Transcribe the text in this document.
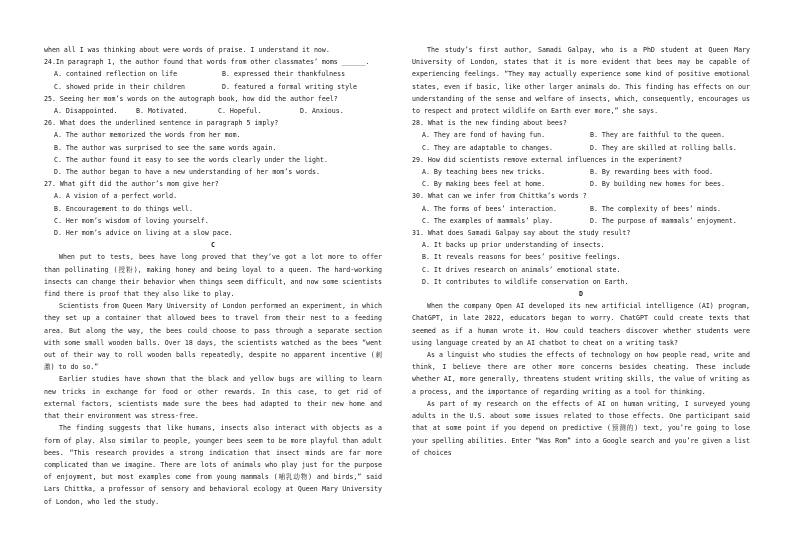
when all I was thinking about were words of praise. I understand it now.

24.In paragraph 1, the author found that words from other classmates’ moms ______.

A. contained reflection on life	B. expressed their thankfulness
C. showed pride in their children	D. featured a formal writing style

25. Seeing her mom’s words on the autograph book, how did the author feel?

A. Disappointed.	B. Motivated.	C. Hopeful.	D. Anxious.

26. What does the underlined sentence in paragraph 5 imply?

A. The author memorized the words from her mom.

B. The author was surprised to see the same words again.

C. The author found it easy to see the words clearly under the light.

D. The author began to have a new understanding of her mom’s words.

27. What gift did the author’s mom give her?

A. A vision of a perfect world.

B. Encouragement to do things well.

C. Her mom’s wisdom of loving yourself.

D. Her mom’s advice on living at a slow pace.

C

When put to tests, bees have long proved that they’ve got a lot more to offer than pollinating (授粉), making honey and being loyal to a queen. The hard-working insects can change their behavior when things seem difficult, and now some scientists find there is proof that they also like to play.

Scientists from Queen Mary University of London performed an experiment, in which they set up a container that allowed bees to travel from their nest to a feeding area. But along the way, the bees could choose to pass through a separate section with some small wooden balls. Over 18 days, the scientists watched as the bees “went out of their way to roll wooden balls repeatedly, despite no apparent incentive (刺激) to do so.”

Earlier studies have shown that the black and yellow bugs are willing to learn new tricks in exchange for food or other rewards. In this case, to get rid of external factors, scientists made sure the bees had adapted to their new home and that their environment was stress-free.

The finding suggests that like humans, insects also interact with objects as a form of play. Also similar to people, younger bees seem to be more playful than adult bees. “This research provides a strong indication that insect minds are far more complicated than we imagine. There are lots of animals who play just for the purpose of enjoyment, but most examples come from young mammals (哺乳动物) and birds,” said Lars Chittka, a professor of sensory and behavioral ecology at Queen Mary University of London, who led the study.

The study’s first author, Samadi Galpay, who is a PhD student at Queen Mary University of London, states that it is more evident that bees may be capable of experiencing feelings. “They may actually experience some kind of positive emotional states, even if basic, like other larger animals do. This finding has effects on our understanding of the sense and welfare of insects, which, consequently, encourages us to respect and protect wildlife on Earth ever more,” she says.

28. What is the new finding about bees?

A. They are fond of having fun.	B. They are faithful to the queen.
C. They are adaptable to changes.	D. They are skilled at rolling balls.

29. How did scientists remove external influences in the experiment?

A. By teaching bees new tricks.	B. By rewarding bees with food.
C. By making bees feel at home.	D. By building new homes for bees.

30. What can we infer from Chittka’s words ?

A. The forms of bees’ interaction.	B. The complexity of bees’ minds.
C. The examples of mammals’ play.	D. The purpose of mammals’ enjoyment.

31. What does Samadi Galpay say about the study result?

A. It backs up prior understanding of insects.

B. It reveals reasons for bees’ positive feelings.

C. It drives research on animals’ emotional state.

D. It contributes to wildlife conservation on Earth.

D

When the company Open AI developed its new artificial intelligence (AI) program, ChatGPT, in late 2022, educators began to worry. ChatGPT could create texts that seemed as if a human wrote it. How could teachers discover whether students were using language created by an AI chatbot to cheat on a writing task?

As a linguist who studies the effects of technology on how people read, write and think, I believe there are other more concerns besides cheating. These include whether AI, more generally, threatens student writing skills, the value of writing as a process, and the importance of regarding writing as a tool for thinking.

As part of my research on the effects of AI on human writing, I surveyed young adults in the U.S. about some issues related to those effects. One participant said that at some point if you depend on predictive (预测的) text, you’re going to lose your spelling abilities. Enter “Was Rom” into a Google search and you’re given a list of choices
